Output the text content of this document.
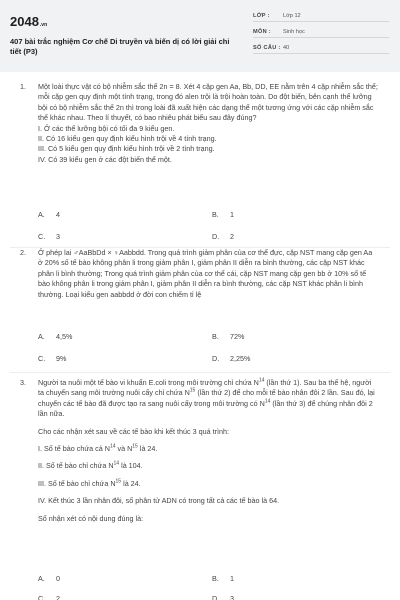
2048.vn
407 bài trắc nghiệm Cơ chế Di truyền và biến dị có lời giải chi tiết (P3)
LỚP : Lớp 12
MÔN : Sinh học
SỐ CÂU : 40
1. Một loài thực vật có bộ nhiễm sắc thể 2n = 8. Xét 4 cặp gen Aa, Bb, DD, EE nằm trên 4 cặp nhiễm sắc thể; mỗi cặp gen quy định một tính trạng, trong đó alen trội là trội hoàn toàn. Do đột biến, bên cạnh thể lưỡng bội có bộ nhiễm sắc thể 2n thì trong loài đã xuất hiện các dạng thể một tương ứng với các cặp nhiễm sắc thể khác nhau. Theo lí thuyết, có bao nhiêu phát biểu sau đây đúng?

I. Ở các thể lưỡng bội có tối đa 9 kiểu gen.

II. Có 16 kiểu gen quy định kiểu hình trội về 4 tính trạng.

III. Có 5 kiểu gen quy định kiểu hình trội về 2 tính trạng.

IV. Có 39 kiểu gen ở các đột biến thể một.

A. 4	B. 1
C. 3	D. 2
2. Ở phép lai ♂AaBbDd × ♀Aabbdd. Trong quá trình giảm phân của cơ thể đực, cặp NST mang cặp gen Aa ở 20% số tế bào không phân li trong giảm phân I, giảm phân II diễn ra bình thường, các cặp NST khác phân li bình thường; Trong quá trình giảm phân của cơ thể cái, cặp NST mang cặp gen bb ở 10% số tế bào không phân li trong giảm phân I, giảm phân II diễn ra bình thường, các cặp NST khác phân li bình thường. Loại kiểu gen aabbdd ở đời con chiếm tỉ lệ

A. 4,5%	B. 72%
C. 9%	D. 2,25%
3. Người ta nuôi một tế bào vi khuẩn E.coli trong môi trường chỉ chứa $N^{14}$ (lần thứ 1). Sau ba thế hệ, người ta chuyển sang môi trường nuôi cấy chỉ chứa $N^{15}$ (lần thứ 2) để cho mỗi tế bào nhân đôi 2 lần. Sau đó, lại chuyển các tế bào đã được tạo ra sang nuôi cấy trong môi trường có $N^{14}$ (lần thứ 3) để chúng nhân đôi 2 lần nữa.

Cho các nhận xét sau về các tế bào khi kết thúc 3 quá trình:

I. Số tế bào chứa cả $N^{14}$ và $N^{15}$ là 24.

II. Số tế bào chỉ chứa $N^{14}$ là 104.

III. Số tế bào chỉ chứa $N^{15}$ là 24.

IV. Kết thúc 3 lần nhân đôi, số phân tử ADN có trong tất cả các tế bào là 64.

Số nhận xét có nội dung đúng là:

A. 0	B. 1
C. 2	D. 3
